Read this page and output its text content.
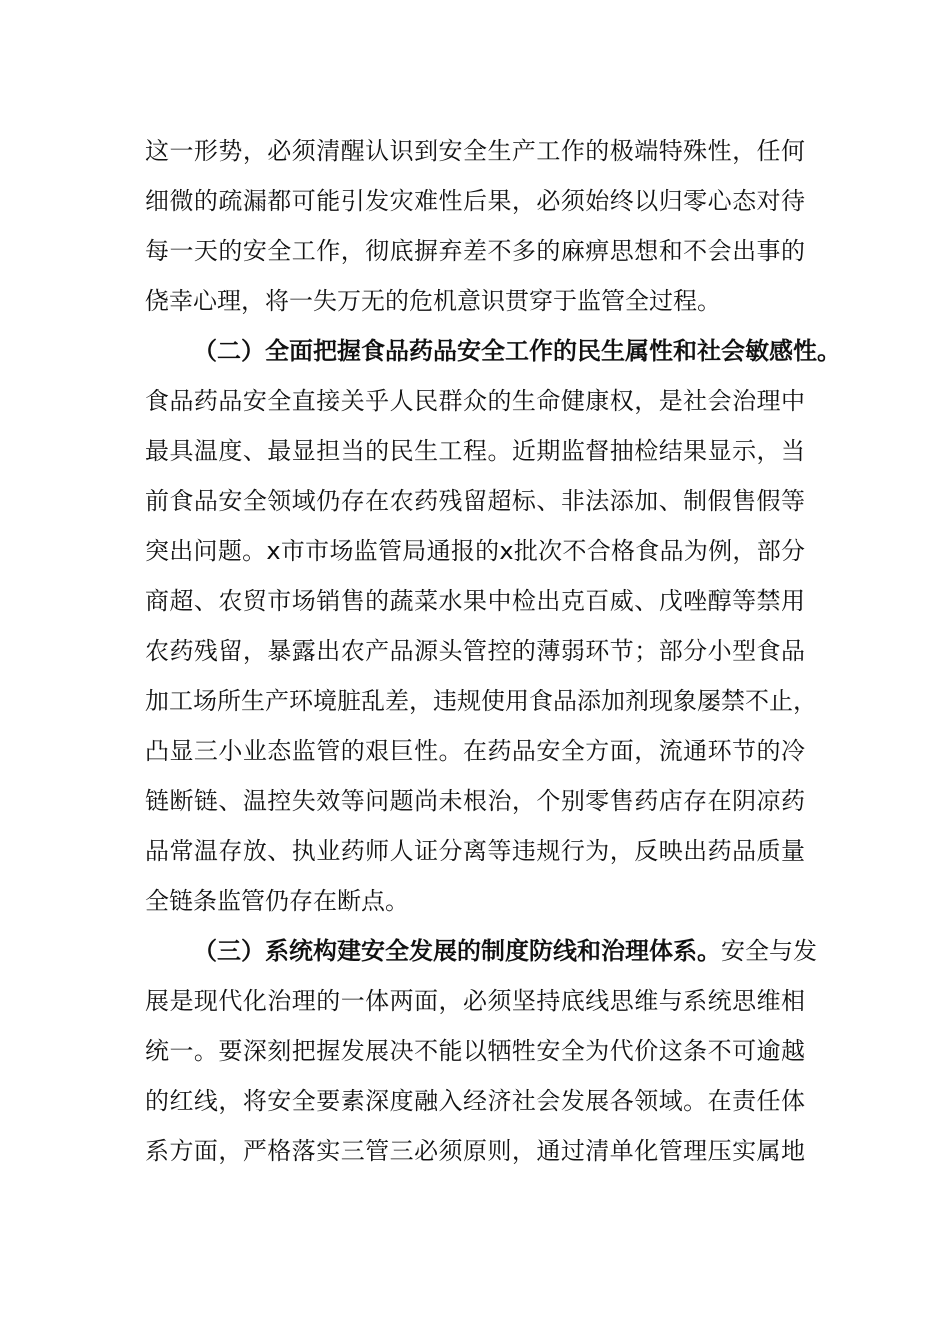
这一形势，必须清醒认识到安全生产工作的极端特殊性，任何
细微的疏漏都可能引发灾难性后果，必须始终以归零心态对待
每一天的安全工作，彻底摒弃差不多的麻痹思想和不会出事的
侥幸心理，将一失万无的危机意识贯穿于监管全过程。
（二）全面把握食品药品安全工作的民生属性和社会敏感性。
食品药品安全直接关乎人民群众的生命健康权，是社会治理中
最具温度、最显担当的民生工程。近期监督抽检结果显示，当
前食品安全领域仍存在农药残留超标、非法添加、制假售假等
突出问题。x市市场监管局通报的x批次不合格食品为例，部分
商超、农贸市场销售的蔬菜水果中检出克百威、戊唑醇等禁用
农药残留，暴露出农产品源头管控的薄弱环节；部分小型食品
加工场所生产环境脏乱差，违规使用食品添加剂现象屡禁不止，
凸显三小业态监管的艰巨性。在药品安全方面，流通环节的冷
链断链、温控失效等问题尚未根治，个别零售药店存在阴凉药
品常温存放、执业药师人证分离等违规行为，反映出药品质量
全链条监管仍存在断点。
（三）系统构建安全发展的制度防线和治理体系。安全与发
展是现代化治理的一体两面，必须坚持底线思维与系统思维相
统一。要深刻把握发展决不能以牺牲安全为代价这条不可逾越
的红线，将安全要素深度融入经济社会发展各领域。在责任体
系方面，严格落实三管三必须原则，通过清单化管理压实属地
